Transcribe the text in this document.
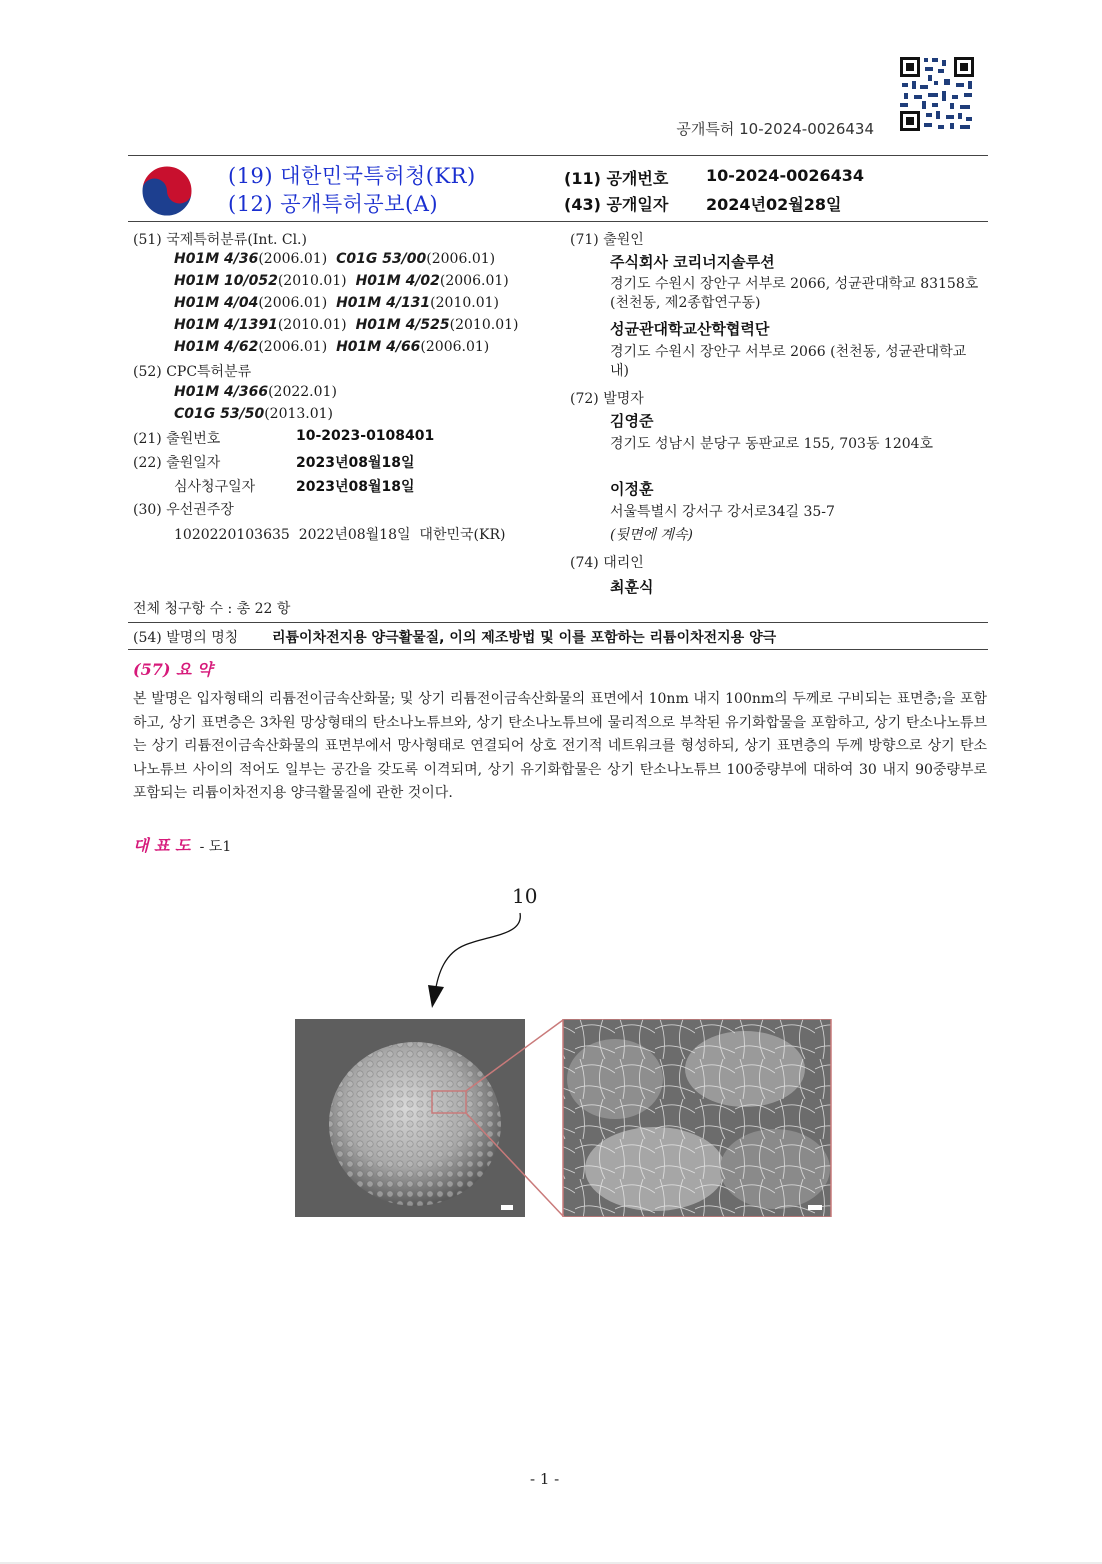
공개특허 10-2024-0026434
(19) 대한민국특허청(KR)
(12) 공개특허공보(A)
(11) 공개번호 10-2024-0026434
(43) 공개일자 2024년02월28일
(51) 국제특허분류(Int. Cl.)
H01M 4/36(2006.01) C01G 53/00(2006.01)
H01M 10/052(2010.01) H01M 4/02(2006.01)
H01M 4/04(2006.01) H01M 4/131(2010.01)
H01M 4/1391(2010.01) H01M 4/525(2010.01)
H01M 4/62(2006.01) H01M 4/66(2006.01)
(52) CPC특허분류
H01M 4/366(2022.01)
C01G 53/50(2013.01)
(21) 출원번호	10-2023-0108401
(22) 출원일자	2023년08월18일
심사청구일자	2023년08월18일
(30) 우선권주장
1020220103635  2022년08월18일  대한민국(KR)
(71) 출원인
주식회사 코리너지솔루션
경기도 수원시 장안구 서부로 2066, 성균관대학교 83158호(천천동, 제2종합연구동)
성균관대학교산학협력단
경기도 수원시 장안구 서부로 2066 (천천동, 성균관대학교내)
(72) 발명자
김영준
경기도 성남시 분당구 동판교로 155, 703동 1204호
이정훈
서울특별시 강서구 강서로34길 35-7
(뒷면에 계속)
(74) 대리인
최훈식
전체 청구항 수 : 총 22 항
(54) 발명의 명칭 리튬이차전지용 양극활물질, 이의 제조방법 및 이를 포함하는 리튬이차전지용 양극
(57) 요 약
본 발명은 입자형태의 리튬전이금속산화물; 및 상기 리튬전이금속산화물의 표면에서 10nm 내지 100nm의 두께로 구비되는 표면층;을 포함하고, 상기 표면층은 3차원 망상형태의 탄소나노튜브와, 상기 탄소나노튜브에 물리적으로 부착된 유기화합물을 포함하고, 상기 탄소나노튜브는 상기 리튬전이금속산화물의 표면부에서 망사형태로 연결되어 상호 전기적 네트워크를 형성하되, 상기 표면층의 두께 방향으로 상기 탄소나노튜브 사이의 적어도 일부는 공간을 갖도록 이격되며, 상기 유기화합물은 상기 탄소나노튜브 100중량부에 대하여 30 내지 90중량부로 포함되는 리튬이차전지용 양극활물질에 관한 것이다.
대 표 도 - 도1
10
- 1 -
